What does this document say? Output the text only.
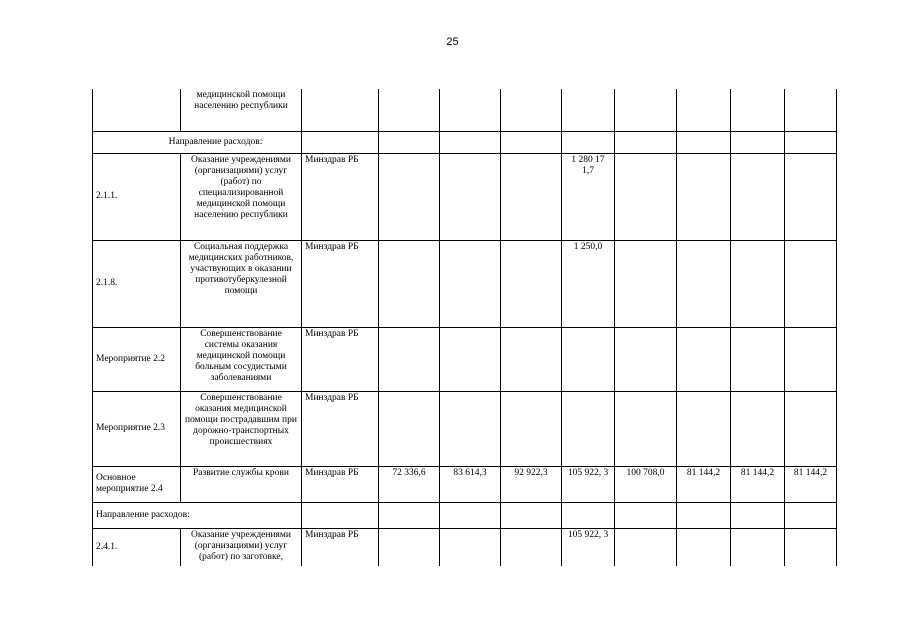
25
	медицинской помощи населению республики									
Направление расходов:										
2.1.1.	Оказание учреждениями (организациями) услуг (работ) по специализированной медицинской помощи населению республики	Минздрав РБ				1 280 17 1,7				
2.1.8.	Социальная поддержка медицинских работников, участвующих в оказании противотуберкулезной помощи	Минздрав РБ				1 250,0				
Мероприятие 2.2	Совершенствование системы оказания медицинской помощи больным сосудистыми заболеваниями	Минздрав РБ								
Мероприятие 2.3	Совершенствование оказания медицинской помощи пострадавшим при дорожно-транспортных происшествиях	Минздрав РБ								
Основное мероприятие 2.4	Развитие службы крови	Минздрав РБ	72 336,6	83 614,3	92 922,3	105 922, 3	100 708,0	81 144,2	81 144,2	81 144,2
Направление расходов:										
2.4.1.	Оказание учреждениями (организациями) услуг (работ) по заготовке,	Минздрав РБ				105 922, 3				
